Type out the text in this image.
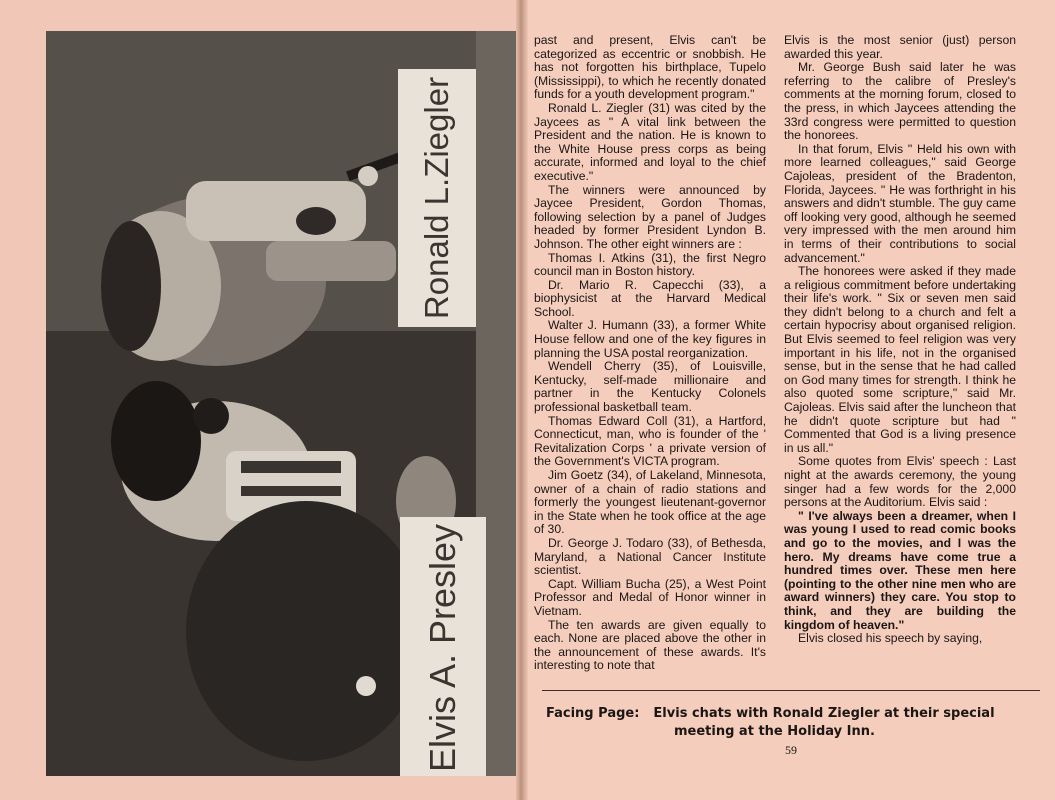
Ronald L.Ziegler
Elvis A. Presley

past and present, Elvis can't be categorized as eccentric or snobbish. He has not forgotten his birthplace, Tupelo (Mississippi), to which he recently donated funds for a youth development program."

Ronald L. Ziegler (31) was cited by the Jaycees as " A vital link between the President and the nation. He is known to the White House press corps as being accurate, informed and loyal to the chief executive."

The winners were announced by Jaycee President, Gordon Thomas, following selection by a panel of Judges headed by former President Lyndon B. Johnson. The other eight winners are :

Thomas I. Atkins (31), the first Negro council man in Boston history.

Dr. Mario R. Capecchi (33), a biophysicist at the Harvard Medical School.

Walter J. Humann (33), a former White House fellow and one of the key figures in planning the USA postal reorganization.

Wendell Cherry (35), of Louisville, Kentucky, self-made millionaire and partner in the Kentucky Colonels professional basketball team.

Thomas Edward Coll (31), a Hartford, Connecticut, man, who is founder of the ' Revitalization Corps ' a private version of the Government's VICTA program.

Jim Goetz (34), of Lakeland, Minnesota, owner of a chain of radio stations and formerly the youngest lieutenant-governor in the State when he took office at the age of 30.

Dr. George J. Todaro (33), of Bethesda, Maryland, a National Cancer Institute scientist.

Capt. William Bucha (25), a West Point Professor and Medal of Honor winner in Vietnam.

The ten awards are given equally to each. None are placed above the other in the announcement of these awards. It's interesting to note that

Elvis is the most senior (just) person awarded this year.

Mr. George Bush said later he was referring to the calibre of Presley's comments at the morning forum, closed to the press, in which Jaycees attending the 33rd congress were permitted to question the honorees.

In that forum, Elvis " Held his own with more learned colleagues," said George Cajoleas, president of the Bradenton, Florida, Jaycees. " He was forthright in his answers and didn't stumble. The guy came off looking very good, although he seemed very impressed with the men around him in terms of their contributions to social advancement."

The honorees were asked if they made a religious commitment before undertaking their life's work. " Six or seven men said they didn't belong to a church and felt a certain hypocrisy about organised religion. But Elvis seemed to feel religion was very important in his life, not in the organised sense, but in the sense that he had called on God many times for strength. I think he also quoted some scripture," said Mr. Cajoleas. Elvis said after the luncheon that he didn't quote scripture but had " Commented that God is a living presence in us all."

Some quotes from Elvis' speech : Last night at the awards ceremony, the young singer had a few words for the 2,000 persons at the Auditorium. Elvis said :

" I've always been a dreamer, when I was young I used to read comic books and go to the movies, and I was the hero. My dreams have come true a hundred times over. These men here (pointing to the other nine men who are award winners) they care. You stop to think, and they are building the kingdom of heaven."

Elvis closed his speech by saying,

Facing Page: Elvis chats with Ronald Ziegler at their special
meeting at the Holiday Inn.
59
